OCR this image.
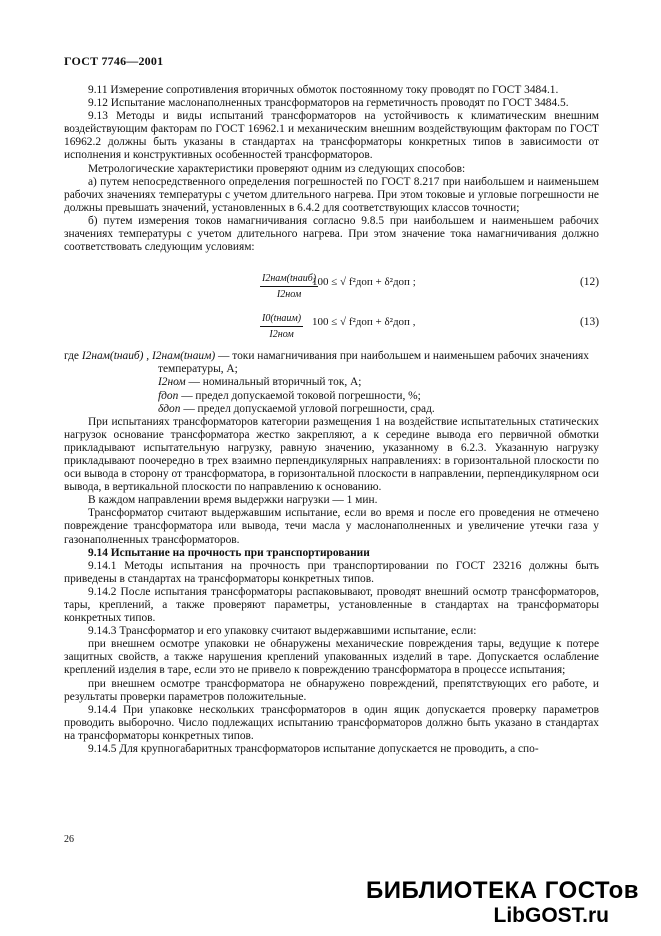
ГОСТ 7746—2001

9.11 Измерение сопротивления вторичных обмоток постоянному току проводят по ГОСТ 3484.1.

9.12 Испытание маслонаполненных трансформаторов на герметичность проводят по ГОСТ 3484.5.

9.13 Методы и виды испытаний трансформаторов на устойчивость к климатическим внешним воздействующим факторам по ГОСТ 16962.1 и механическим внешним воздействующим факторам по ГОСТ 16962.2 должны быть указаны в стандартах на трансформаторы конкретных типов в зависимости от исполнения и конструктивных особенностей трансформаторов.

Метрологические характеристики проверяют одним из следующих способов:

а) путем непосредственного определения погрешностей по ГОСТ 8.217 при наибольшем и наименьшем рабочих значениях температуры с учетом длительного нагрева. При этом токовые и угловые погрешности не должны превышать значений, установленных в 6.4.2 для соответствующих классов точности;

б) путем измерения токов намагничивания согласно 9.8.5 при наибольшем и наименьшем рабочих значениях температуры с учетом длительного нагрева. При этом значение тока намагничивания должно соответствовать следующим условиям:

I2нам(tнаиб)
I2ном
100 ≤ √ f²доп + δ²доп ;	(12)
I0(tнаим)
I2ном
100 ≤ √ f²доп + δ²доп ,	(13)

где I2нам(tнаиб) , I2нам(tнаим) — токи намагничивания при наибольшем и наименьшем рабочих значениях

температуры, А;

I2ном — номинальный вторичный ток, А;

fдоп — предел допускаемой токовой погрешности, %;

δдоп — предел допускаемой угловой погрешности, срад.

При испытаниях трансформаторов категории размещения 1 на воздействие испытательных статических нагрузок основание трансформатора жестко закрепляют, а к середине вывода его первичной обмотки прикладывают испытательную нагрузку, равную значению, указанному в 6.2.3. Указанную нагрузку прикладывают поочередно в трех взаимно перпендикулярных направлениях: в горизонтальной плоскости по оси вывода в сторону от трансформатора, в горизонтальной плоскости в направлении, перпендикулярном оси вывода, в вертикальной плоскости по направлению к основанию.

В каждом направлении время выдержки нагрузки — 1 мин.

Трансформатор считают выдержавшим испытание, если во время и после его проведения не отмечено повреждение трансформатора или вывода, течи масла у маслонаполненных и увеличение утечки газа у газонаполненных трансформаторов.

9.14 Испытание на прочность при транспортировании

9.14.1 Методы испытания на прочность при транспортировании по ГОСТ 23216 должны быть приведены в стандартах на трансформаторы конкретных типов.

9.14.2 После испытания трансформаторы распаковывают, проводят внешний осмотр трансформаторов, тары, креплений, а также проверяют параметры, установленные в стандартах на трансформаторы конкретных типов.

9.14.3 Трансформатор и его упаковку считают выдержавшими испытание, если:

при внешнем осмотре упаковки не обнаружены механические повреждения тары, ведущие к потере защитных свойств, а также нарушения креплений упакованных изделий в таре. Допускается ослабление креплений изделия в таре, если это не привело к повреждению трансформатора в процессе испытания;

при внешнем осмотре трансформатора не обнаружено повреждений, препятствующих его работе, и результаты проверки параметров положительные.

9.14.4 При упаковке нескольких трансформаторов в один ящик допускается проверку параметров проводить выборочно. Число подлежащих испытанию трансформаторов должно быть указано в стандартах на трансформаторы конкретных типов.

9.14.5 Для крупногабаритных трансформаторов испытание допускается не проводить, а спо-

26
БИБЛИОТЕКА ГОСТов
LibGOST.ru
